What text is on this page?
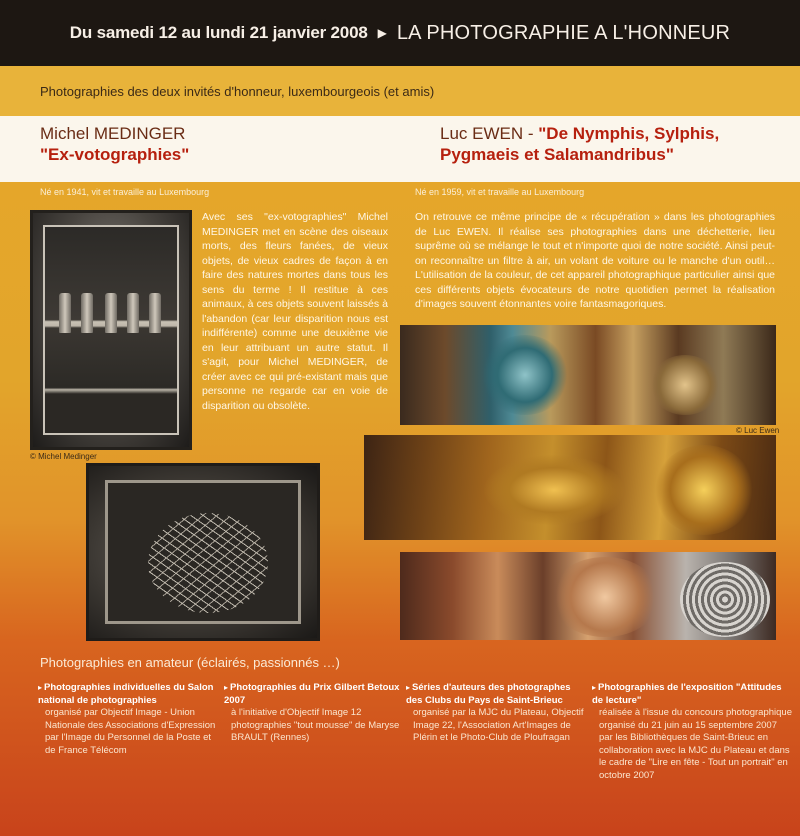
Du samedi 12 au lundi 21 janvier 2008 ▶ LA PHOTOGRAPHIE A L'HONNEUR
Photographies des deux invités d'honneur, luxembourgeois (et amis)
Michel MEDINGER
"Ex-votographies"
Luc EWEN - "De Nymphis, Sylphis,
Pygmaeis et Salamandribus"
Né en 1941, vit et travaille au Luxembourg	Né en 1959, vit et travaille au Luxembourg
© Michel Medinger
Avec ses "ex-votographies" Michel MEDINGER met en scène des oiseaux morts, des fleurs fanées, de vieux objets, de vieux cadres de façon à en faire des natures mortes dans tous les sens du terme ! Il restitue à ces animaux, à ces objets souvent laissés à l'abandon (car leur disparition nous est indifférente) comme une deuxième vie en leur attribuant un autre statut. Il s'agit, pour Michel MEDINGER, de créer avec ce qui pré-existant mais que personne ne regarde car en voie de disparition ou obsolète.
On retrouve ce même principe de « récupération » dans les photographies de Luc EWEN. Il réalise ses photographies dans une déchetterie, lieu suprême où se mélange le tout et n'importe quoi de notre société. Ainsi peut-on reconnaître un filtre à air, un volant de voiture ou le manche d'un outil… L'utilisation de la couleur, de cet appareil photographique particulier ainsi que ces différents objets évocateurs de notre quotidien permet la réalisation d'images souvent étonnantes voire fantasmagoriques.
© Luc Ewen
Photographies en amateur (éclairés, passionnés …)
▸ Photographies individuelles du Salon national de photographies
organisé par Objectif Image - Union Nationale des Associations d'Expression par l'Image du Personnel de la Poste et de France Télécom
▸ Photographies du Prix Gilbert Betoux 2007
à l'initiative d'Objectif Image 12 photographies "tout mousse" de Maryse BRAULT (Rennes)
▸ Séries d'auteurs des photographes des Clubs du Pays de Saint-Brieuc
organisé par la MJC du Plateau, Objectif Image 22, l'Association Art'Images de Plérin et le Photo-Club de Ploufragan
▸ Photographies de l'exposition "Attitudes de lecture"
réalisée à l'issue du concours photographique organisé du 21 juin au 15 septembre 2007 par les Bibliothèques de Saint-Brieuc en collaboration avec la MJC du Plateau et dans le cadre de "Lire en fête - Tout un portrait" en octobre 2007
